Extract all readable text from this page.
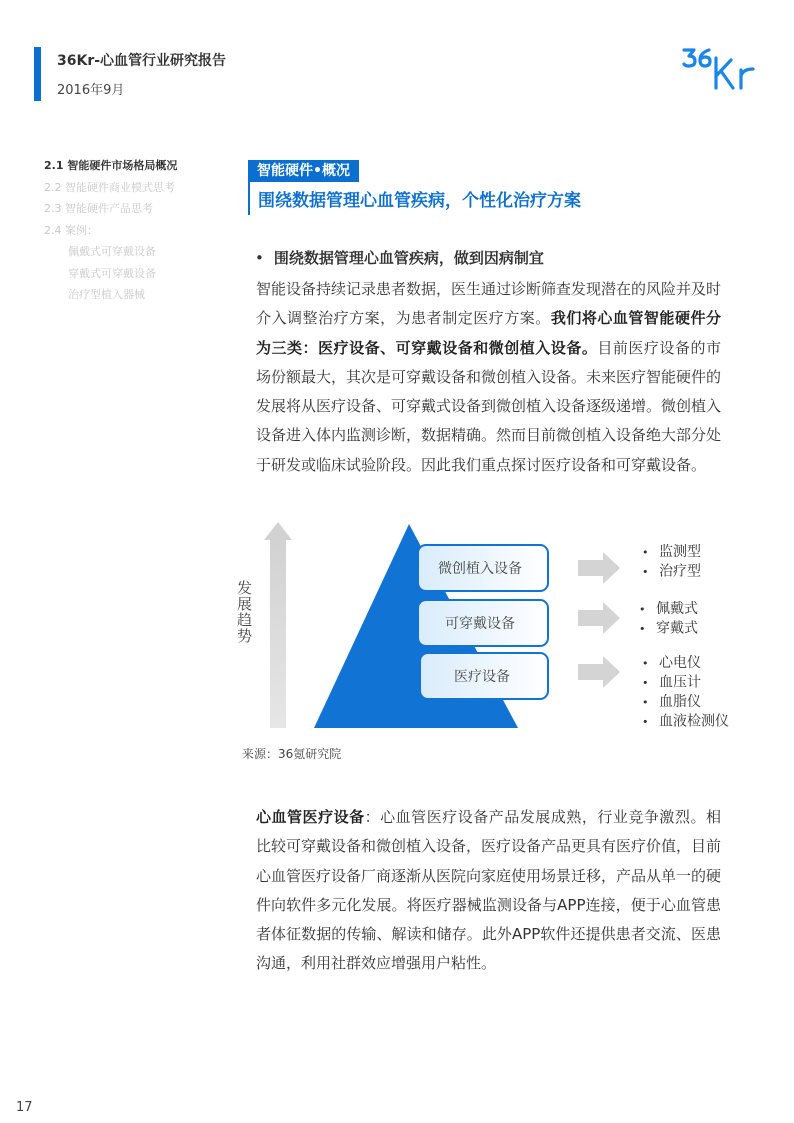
36Kr-心血管行业研究报告
2016年9月
2.1 智能硬件市场格局概况
2.2 智能硬件商业模式思考
2.3 智能硬件产品思考
2.4 案例：
佩戴式可穿戴设备
穿戴式可穿戴设备
治疗型植入器械
智能硬件•概况
围绕数据管理心血管疾病，个性化治疗方案
• 围绕数据管理心血管疾病，做到因病制宜

智能设备持续记录患者数据，医生通过诊断筛查发现潜在的风险并及时介入调整治疗方案，为患者制定医疗方案。我们将心血管智能硬件分为三类：医疗设备、可穿戴设备和微创植入设备。目前医疗设备的市场份额最大，其次是可穿戴设备和微创植入设备。未来医疗智能硬件的发展将从医疗设备、可穿戴式设备到微创植入设备逐级递增。微创植入设备进入体内监测诊断，数据精确。然而目前微创植入设备绝大部分处于研发或临床试验阶段。因此我们重点探讨医疗设备和可穿戴设备。

发展趋势
微创植入设备
可穿戴设备
医疗设备
• 监测型
• 治疗型
• 佩戴式
• 穿戴式
• 心电仪
• 血压计
• 血脂仪
• 血液检测仪
来源：36氪研究院

心血管医疗设备：心血管医疗设备产品发展成熟，行业竞争激烈。相比较可穿戴设备和微创植入设备，医疗设备产品更具有医疗价值，目前心血管医疗设备厂商逐渐从医院向家庭使用场景迁移，产品从单一的硬件向软件多元化发展。将医疗器械监测设备与APP连接，便于心血管患者体征数据的传输、解读和储存。此外APP软件还提供患者交流、医患沟通，利用社群效应增强用户粘性。

17
